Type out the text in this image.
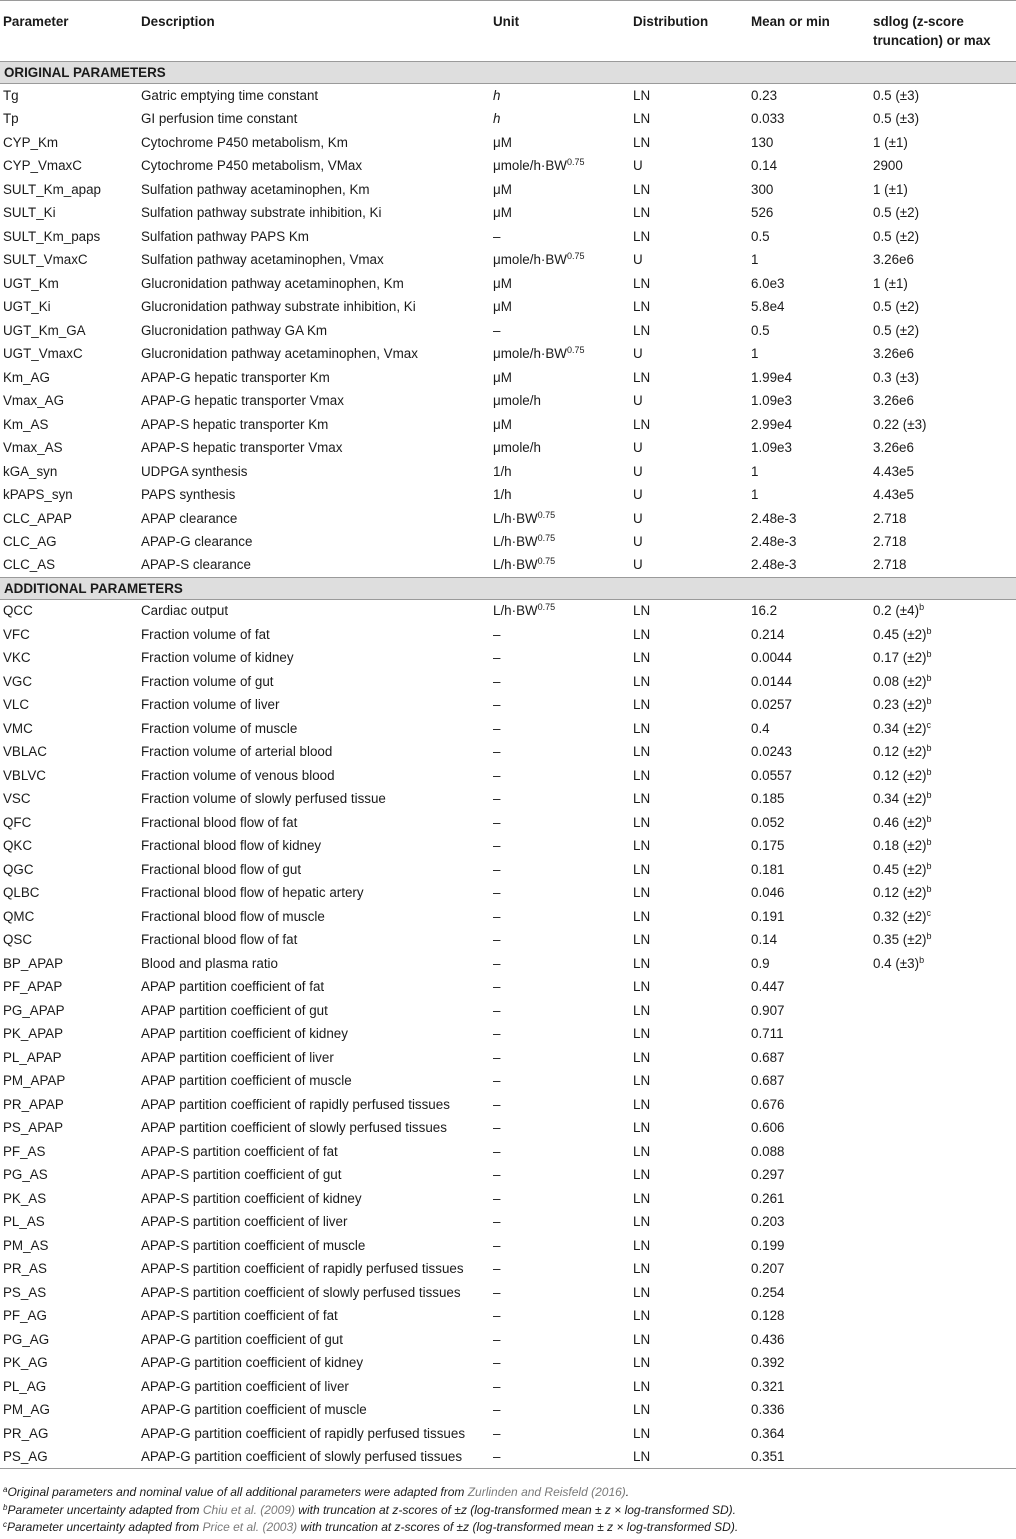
Parameter	Description	Unit	Distribution	Mean or min	sdlog (z-score truncation) or max
ORIGINAL PARAMETERS					
Tg	Gatric emptying time constant	h	LN	0.23	0.5 (±3)
Tp	GI perfusion time constant	h	LN	0.033	0.5 (±3)
CYP_Km	Cytochrome P450 metabolism, Km	μM	LN	130	1 (±1)
CYP_VmaxC	Cytochrome P450 metabolism, VMax	μmole/$h\cdot BW^{0.75}$	U	0.14	2900
SULT_Km_apap	Sulfation pathway acetaminophen, Km	μM	LN	300	1 (±1)
SULT_Ki	Sulfation pathway substrate inhibition, Ki	μM	LN	526	0.5 (±2)
SULT_Km_paps	Sulfation pathway PAPS Km	–	LN	0.5	0.5 (±2)
SULT_VmaxC	Sulfation pathway acetaminophen, Vmax	μmole/$h\cdot BW^{0.75}$	U	1	3.26e6
UGT_Km	Glucronidation pathway acetaminophen, Km	μM	LN	6.0e3	1 (±1)
UGT_Ki	Glucronidation pathway substrate inhibition, Ki	μM	LN	5.8e4	0.5 (±2)
UGT_Km_GA	Glucronidation pathway GA Km	–	LN	0.5	0.5 (±2)
UGT_VmaxC	Glucronidation pathway acetaminophen, Vmax	μmole/$h\cdot BW^{0.75}$	U	1	3.26e6
Km_AG	APAP-G hepatic transporter Km	μM	LN	1.99e4	0.3 (±3)
Vmax_AG	APAP-G hepatic transporter Vmax	μmole/h	U	1.09e3	3.26e6
Km_AS	APAP-S hepatic transporter Km	μM	LN	2.99e4	0.22 (±3)
Vmax_AS	APAP-S hepatic transporter Vmax	μmole/h	U	1.09e3	3.26e6
kGA_syn	UDPGA synthesis	1/h	U	1	4.43e5
kPAPS_syn	PAPS synthesis	1/h	U	1	4.43e5
CLC_APAP	APAP clearance	$L/h\cdot BW^{0.75}$	U	2.48e-3	2.718
CLC_AG	APAP-G clearance	$L/h\cdot BW^{0.75}$	U	2.48e-3	2.718
CLC_AS	APAP-S clearance	$L/h\cdot BW^{0.75}$	U	2.48e-3	2.718
ADDITIONAL PARAMETERS					
QCC	Cardiac output	$L/h\cdot BW^{0.75}$	LN	16.2	0.2 $(\pm 4)^b$
VFC	Fraction volume of fat	–	LN	0.214	0.45 $(\pm 2)^b$
VKC	Fraction volume of kidney	–	LN	0.0044	0.17 $(\pm 2)^b$
VGC	Fraction volume of gut	–	LN	0.0144	0.08 $(\pm 2)^b$
VLC	Fraction volume of liver	–	LN	0.0257	0.23 $(\pm 2)^b$
VMC	Fraction volume of muscle	–	LN	0.4	0.34 $(\pm 2)^c$
VBLAC	Fraction volume of arterial blood	–	LN	0.0243	0.12 $(\pm 2)^b$
VBLVC	Fraction volume of venous blood	–	LN	0.0557	0.12 $(\pm 2)^b$
VSC	Fraction volume of slowly perfused tissue	–	LN	0.185	0.34 $(\pm 2)^b$
QFC	Fractional blood flow of fat	–	LN	0.052	0.46 $(\pm 2)^b$
QKC	Fractional blood flow of kidney	–	LN	0.175	0.18 $(\pm 2)^b$
QGC	Fractional blood flow of gut	–	LN	0.181	0.45 $(\pm 2)^b$
QLBC	Fractional blood flow of hepatic artery	–	LN	0.046	0.12 $(\pm 2)^b$
QMC	Fractional blood flow of muscle	–	LN	0.191	0.32 $(\pm 2)^c$
QSC	Fractional blood flow of fat	–	LN	0.14	0.35 $(\pm 2)^b$
BP_APAP	Blood and plasma ratio	–	LN	0.9	0.4 $(\pm 3)^b$
PF_APAP	APAP partition coefficient of fat	–	LN	0.447	
PG_APAP	APAP partition coefficient of gut	–	LN	0.907	
PK_APAP	APAP partition coefficient of kidney	–	LN	0.711	
PL_APAP	APAP partition coefficient of liver	–	LN	0.687	
PM_APAP	APAP partition coefficient of muscle	–	LN	0.687	
PR_APAP	APAP partition coefficient of rapidly perfused tissues	–	LN	0.676	
PS_APAP	APAP partition coefficient of slowly perfused tissues	–	LN	0.606	
PF_AS	APAP-S partition coefficient of fat	–	LN	0.088	
PG_AS	APAP-S partition coefficient of gut	–	LN	0.297	
PK_AS	APAP-S partition coefficient of kidney	–	LN	0.261	
PL_AS	APAP-S partition coefficient of liver	–	LN	0.203	
PM_AS	APAP-S partition coefficient of muscle	–	LN	0.199	
PR_AS	APAP-S partition coefficient of rapidly perfused tissues	–	LN	0.207	
PS_AS	APAP-S partition coefficient of slowly perfused tissues	–	LN	0.254	
PF_AG	APAP-S partition coefficient of fat	–	LN	0.128	
PG_AG	APAP-G partition coefficient of gut	–	LN	0.436	
PK_AG	APAP-G partition coefficient of kidney	–	LN	0.392	
PL_AG	APAP-G partition coefficient of liver	–	LN	0.321	
PM_AG	APAP-G partition coefficient of muscle	–	LN	0.336	
PR_AG	APAP-G partition coefficient of rapidly perfused tissues	–	LN	0.364	
PS_AG	APAP-G partition coefficient of slowly perfused tissues	–	LN	0.351	
$^a$Original parameters and nominal value of all additional parameters were adapted from Zurlinden and Reisfeld (2016).
$^b$Parameter uncertainty adapted from Chiu et al. (2009) with truncation at z-scores of ±z (log-transformed mean ± z × log-transformed SD).
$^c$Parameter uncertainty adapted from Price et al. (2003) with truncation at z-scores of ±z (log-transformed mean ± z × log-transformed SD).
